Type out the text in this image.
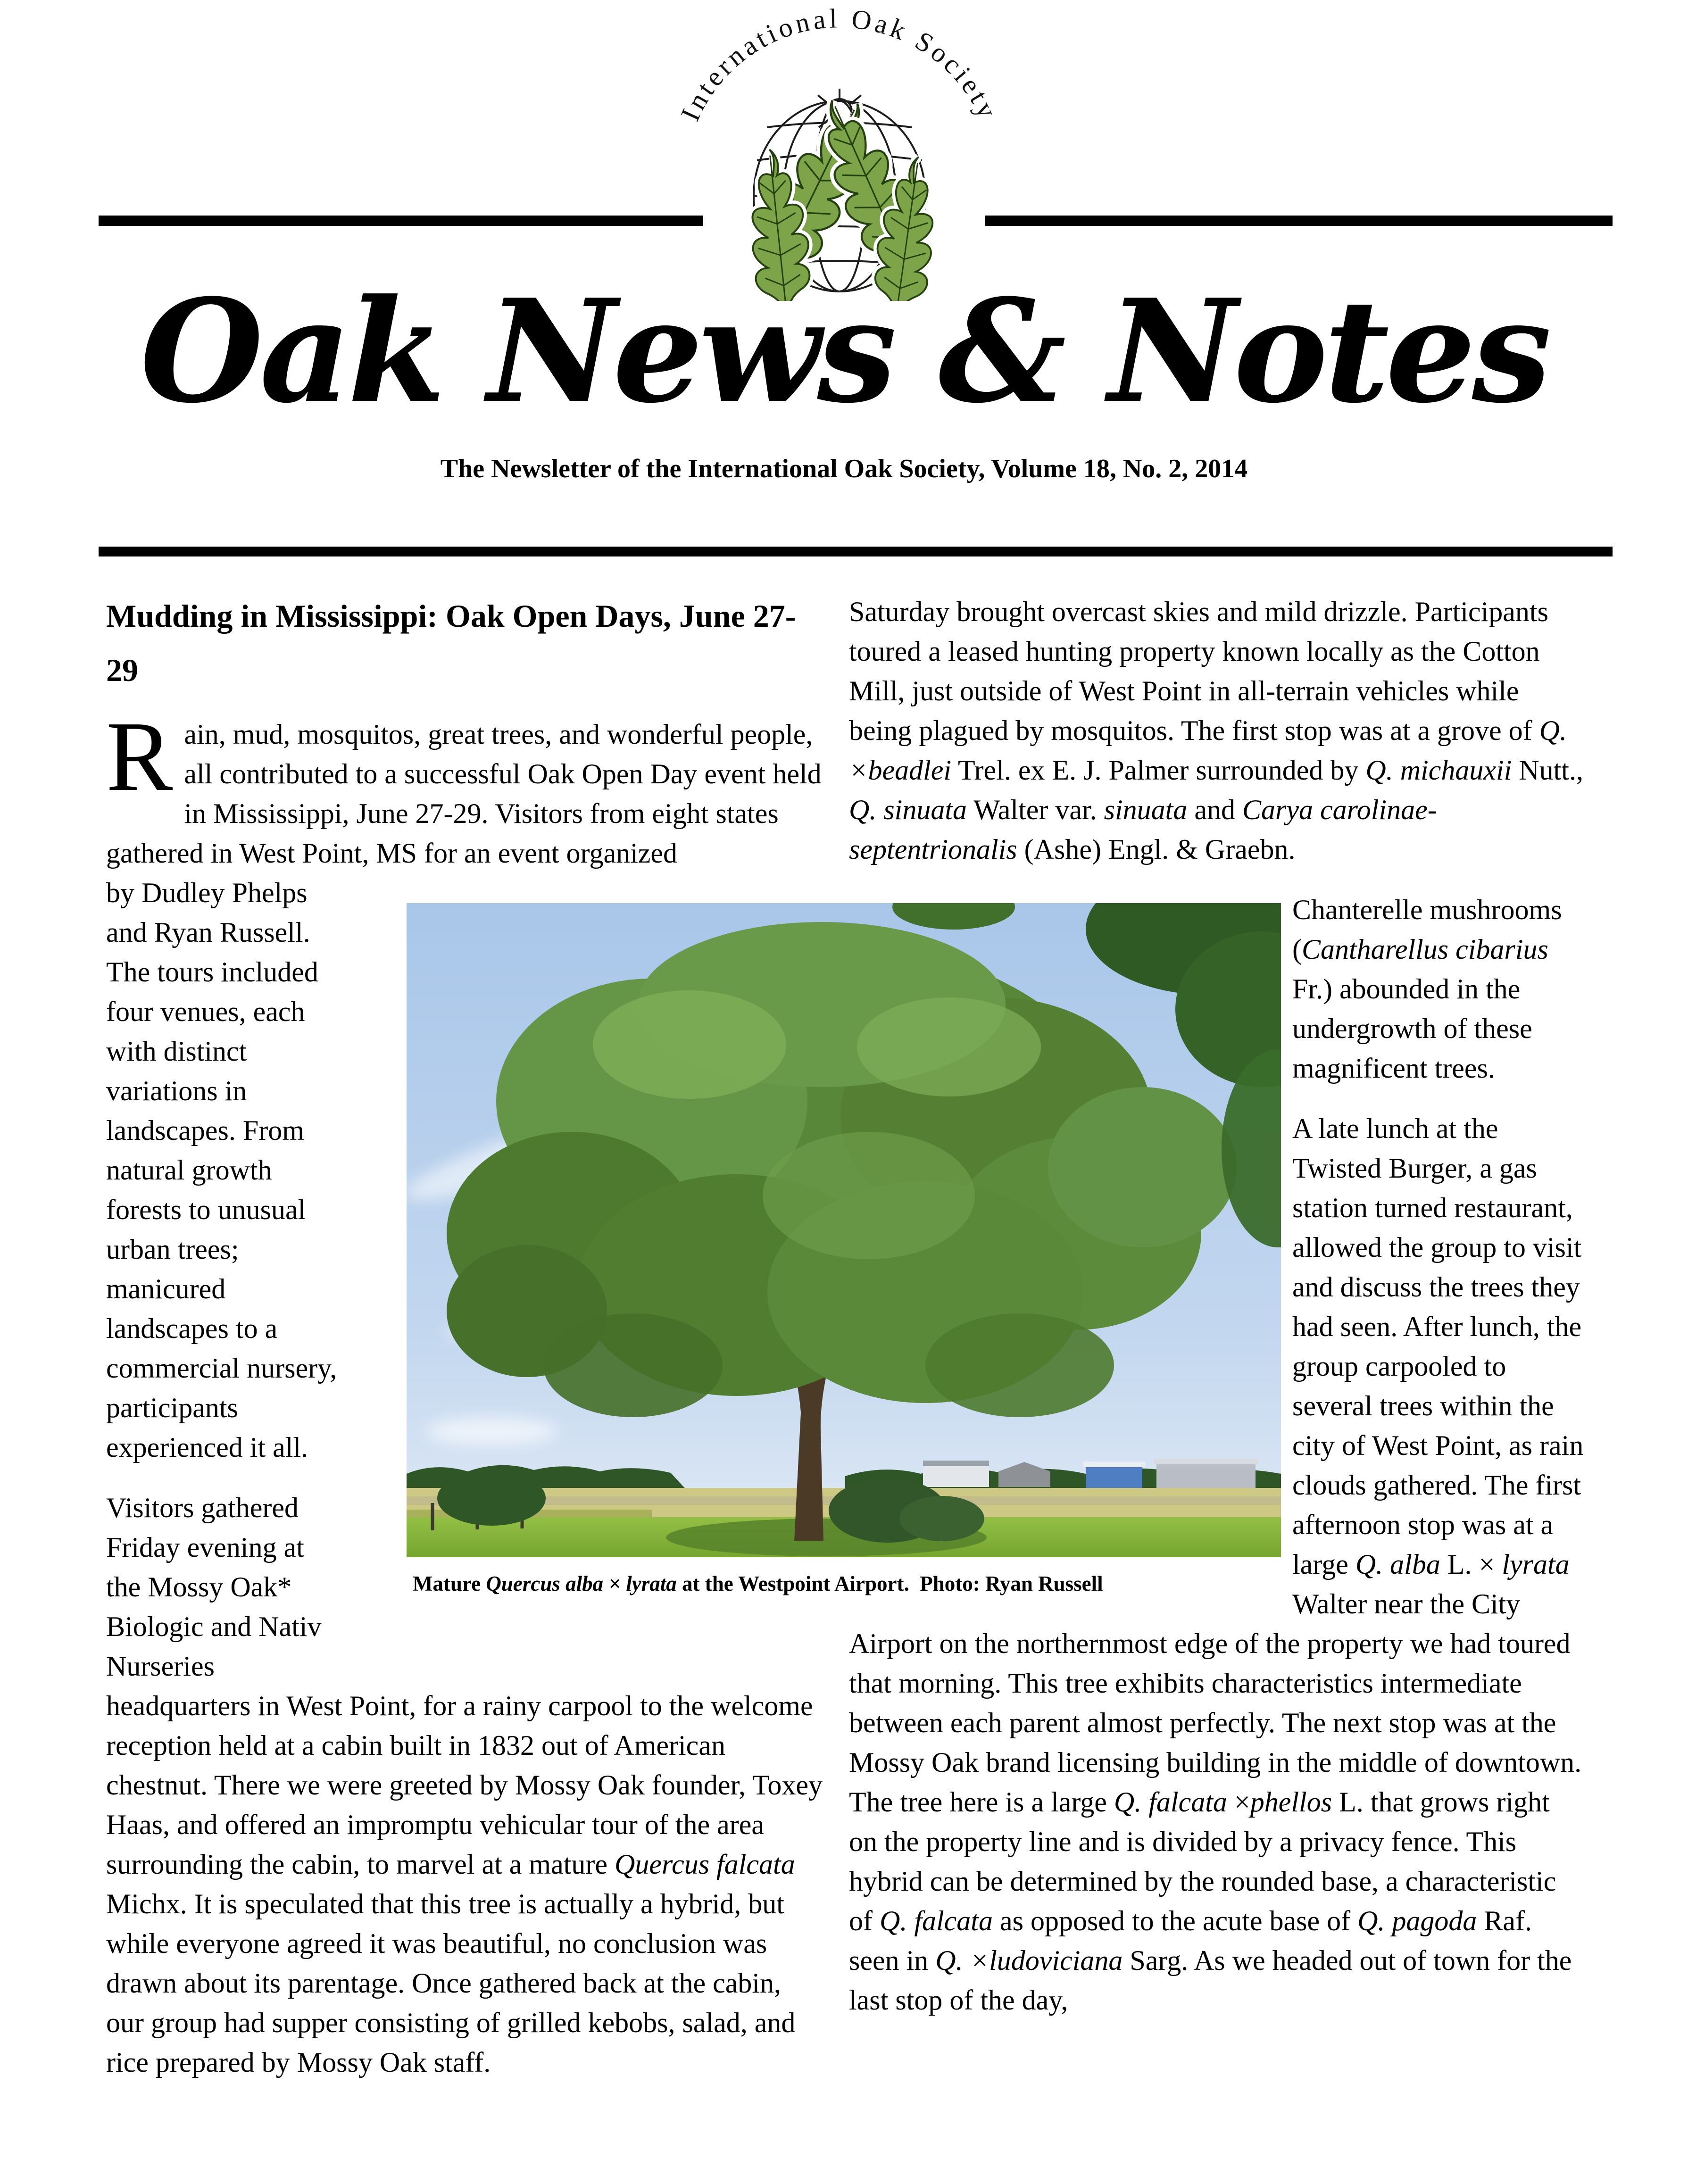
International Oak Society
Oak News & Notes
The Newsletter of the International Oak Society, Volume 18, No. 2, 2014
Mudding in Mississippi: Oak Open Days, June 27-29

Rain, mud, mosquitos, great trees, and wonderful people, all contributed to a successful Oak Open Day event held in Mississippi, June 27-29. Visitors from eight states gathered in West Point, MS for an event organized

by Dudley Phelps and Ryan Russell. The tours included four venues, each with distinct variations in landscapes. From natural growth forests to unusual urban trees; manicured landscapes to a commercial nursery, participants experienced it all.

Visitors gathered Friday evening at the Mossy Oak* Biologic and Nativ Nurseries headquarters in West Point, for a rainy carpool to the welcome reception held at a cabin built in 1832 out of American chestnut. There we were greeted by Mossy Oak founder, Toxey Haas, and offered an impromptu vehicular tour of the area surrounding the cabin, to marvel at a mature Quercus falcata Michx. It is speculated that this tree is actually a hybrid, but while everyone agreed it was beautiful, no conclusion was drawn about its parentage. Once gathered back at the cabin, our group had supper consisting of grilled kebobs, salad, and rice prepared by Mossy Oak staff.

Saturday brought overcast skies and mild drizzle. Participants toured a leased hunting property known locally as the Cotton Mill, just outside of West Point in all-terrain vehicles while being plagued by mosquitos. The first stop was at a grove of Q. ×beadlei Trel. ex E. J. Palmer surrounded by Q. michauxii Nutt., Q. sinuata Walter var. sinuata and Carya carolinae-septentrionalis (Ashe) Engl. & Graebn.

Chanterelle mushrooms (Cantharellus cibarius Fr.) abounded in the undergrowth of these magnificent trees.

A late lunch at the Twisted Burger, a gas station turned restaurant, allowed the group to visit and discuss the trees they had seen. After lunch, the group carpooled to several trees within the city of West Point, as rain clouds gathered. The first afternoon stop was at a large Q. alba L. × lyrata Walter near the City Airport on the northernmost edge of the property we had toured that morning. This tree exhibits characteristics intermediate between each parent almost perfectly. The next stop was at the Mossy Oak brand licensing building in the middle of downtown. The tree here is a large Q. falcata ×phellos L. that grows right on the property line and is divided by a privacy fence. This hybrid can be determined by the rounded base, a characteristic of Q. falcata as opposed to the acute base of Q. pagoda Raf. seen in Q. ×ludoviciana Sarg. As we headed out of town for the last stop of the day,

Mature Quercus alba × lyrata at the Westpoint Airport.  Photo: Ryan Russell
